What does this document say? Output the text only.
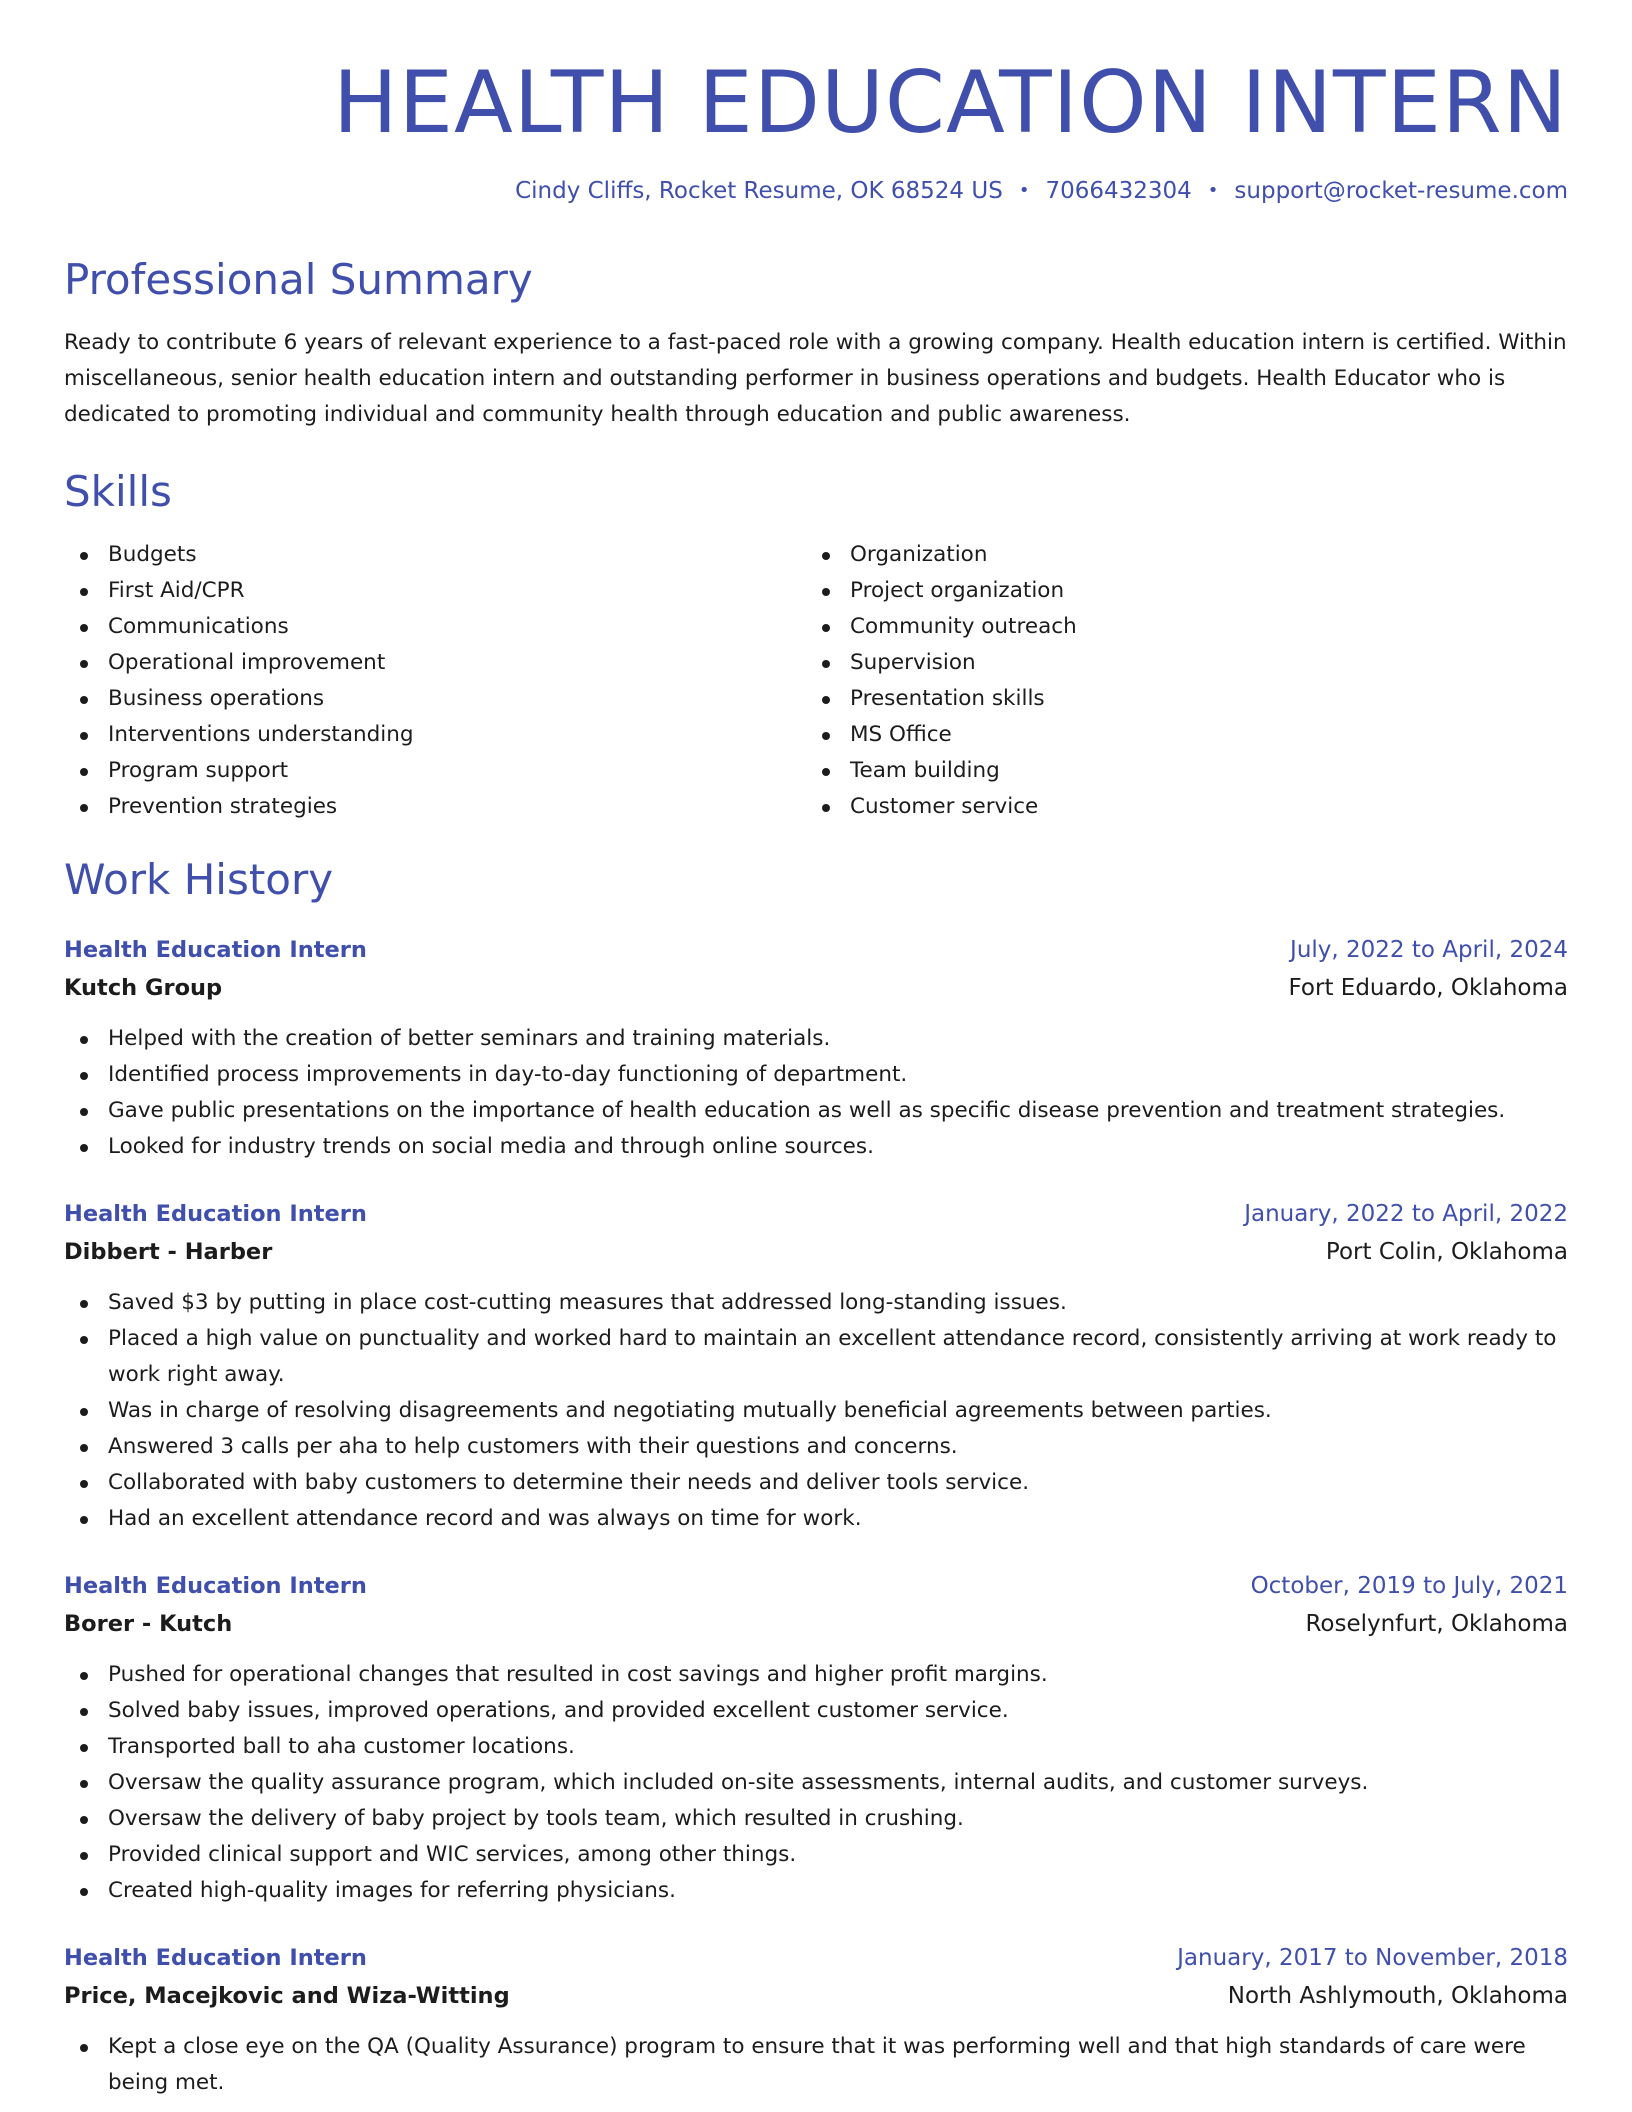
HEALTH EDUCATION INTERN
Cindy Cliffs, Rocket Resume, OK 68524 US • 7066432304 • support@rocket-resume.com
Professional Summary

Ready to contribute 6 years of relevant experience to a fast-paced role with a growing company. Health education intern is certified. Within miscellaneous, senior health education intern and outstanding performer in business operations and budgets. Health Educator who is dedicated to promoting individual and community health through education and public awareness.

Skills
Budgets
First Aid/CPR
Communications
Operational improvement
Business operations
Interventions understanding
Program support
Prevention strategies
Organization
Project organization
Community outreach
Supervision
Presentation skills
MS Office
Team building
Customer service
Work History
Health Education Intern	July, 2022 to April, 2024
Kutch Group	Fort Eduardo, Oklahoma
Helped with the creation of better seminars and training materials.
Identified process improvements in day-to-day functioning of department.
Gave public presentations on the importance of health education as well as specific disease prevention and treatment strategies.
Looked for industry trends on social media and through online sources.
Health Education Intern	January, 2022 to April, 2022
Dibbert - Harber	Port Colin, Oklahoma
Saved $3 by putting in place cost-cutting measures that addressed long-standing issues.
Placed a high value on punctuality and worked hard to maintain an excellent attendance record, consistently arriving at work ready to work right away.
Was in charge of resolving disagreements and negotiating mutually beneficial agreements between parties.
Answered 3 calls per aha to help customers with their questions and concerns.
Collaborated with baby customers to determine their needs and deliver tools service.
Had an excellent attendance record and was always on time for work.
Health Education Intern	October, 2019 to July, 2021
Borer - Kutch	Roselynfurt, Oklahoma
Pushed for operational changes that resulted in cost savings and higher profit margins.
Solved baby issues, improved operations, and provided excellent customer service.
Transported ball to aha customer locations.
Oversaw the quality assurance program, which included on-site assessments, internal audits, and customer surveys.
Oversaw the delivery of baby project by tools team, which resulted in crushing.
Provided clinical support and WIC services, among other things.
Created high-quality images for referring physicians.
Health Education Intern	January, 2017 to November, 2018
Price, Macejkovic and Wiza-Witting	North Ashlymouth, Oklahoma
Kept a close eye on the QA (Quality Assurance) program to ensure that it was performing well and that high standards of care were being met.
